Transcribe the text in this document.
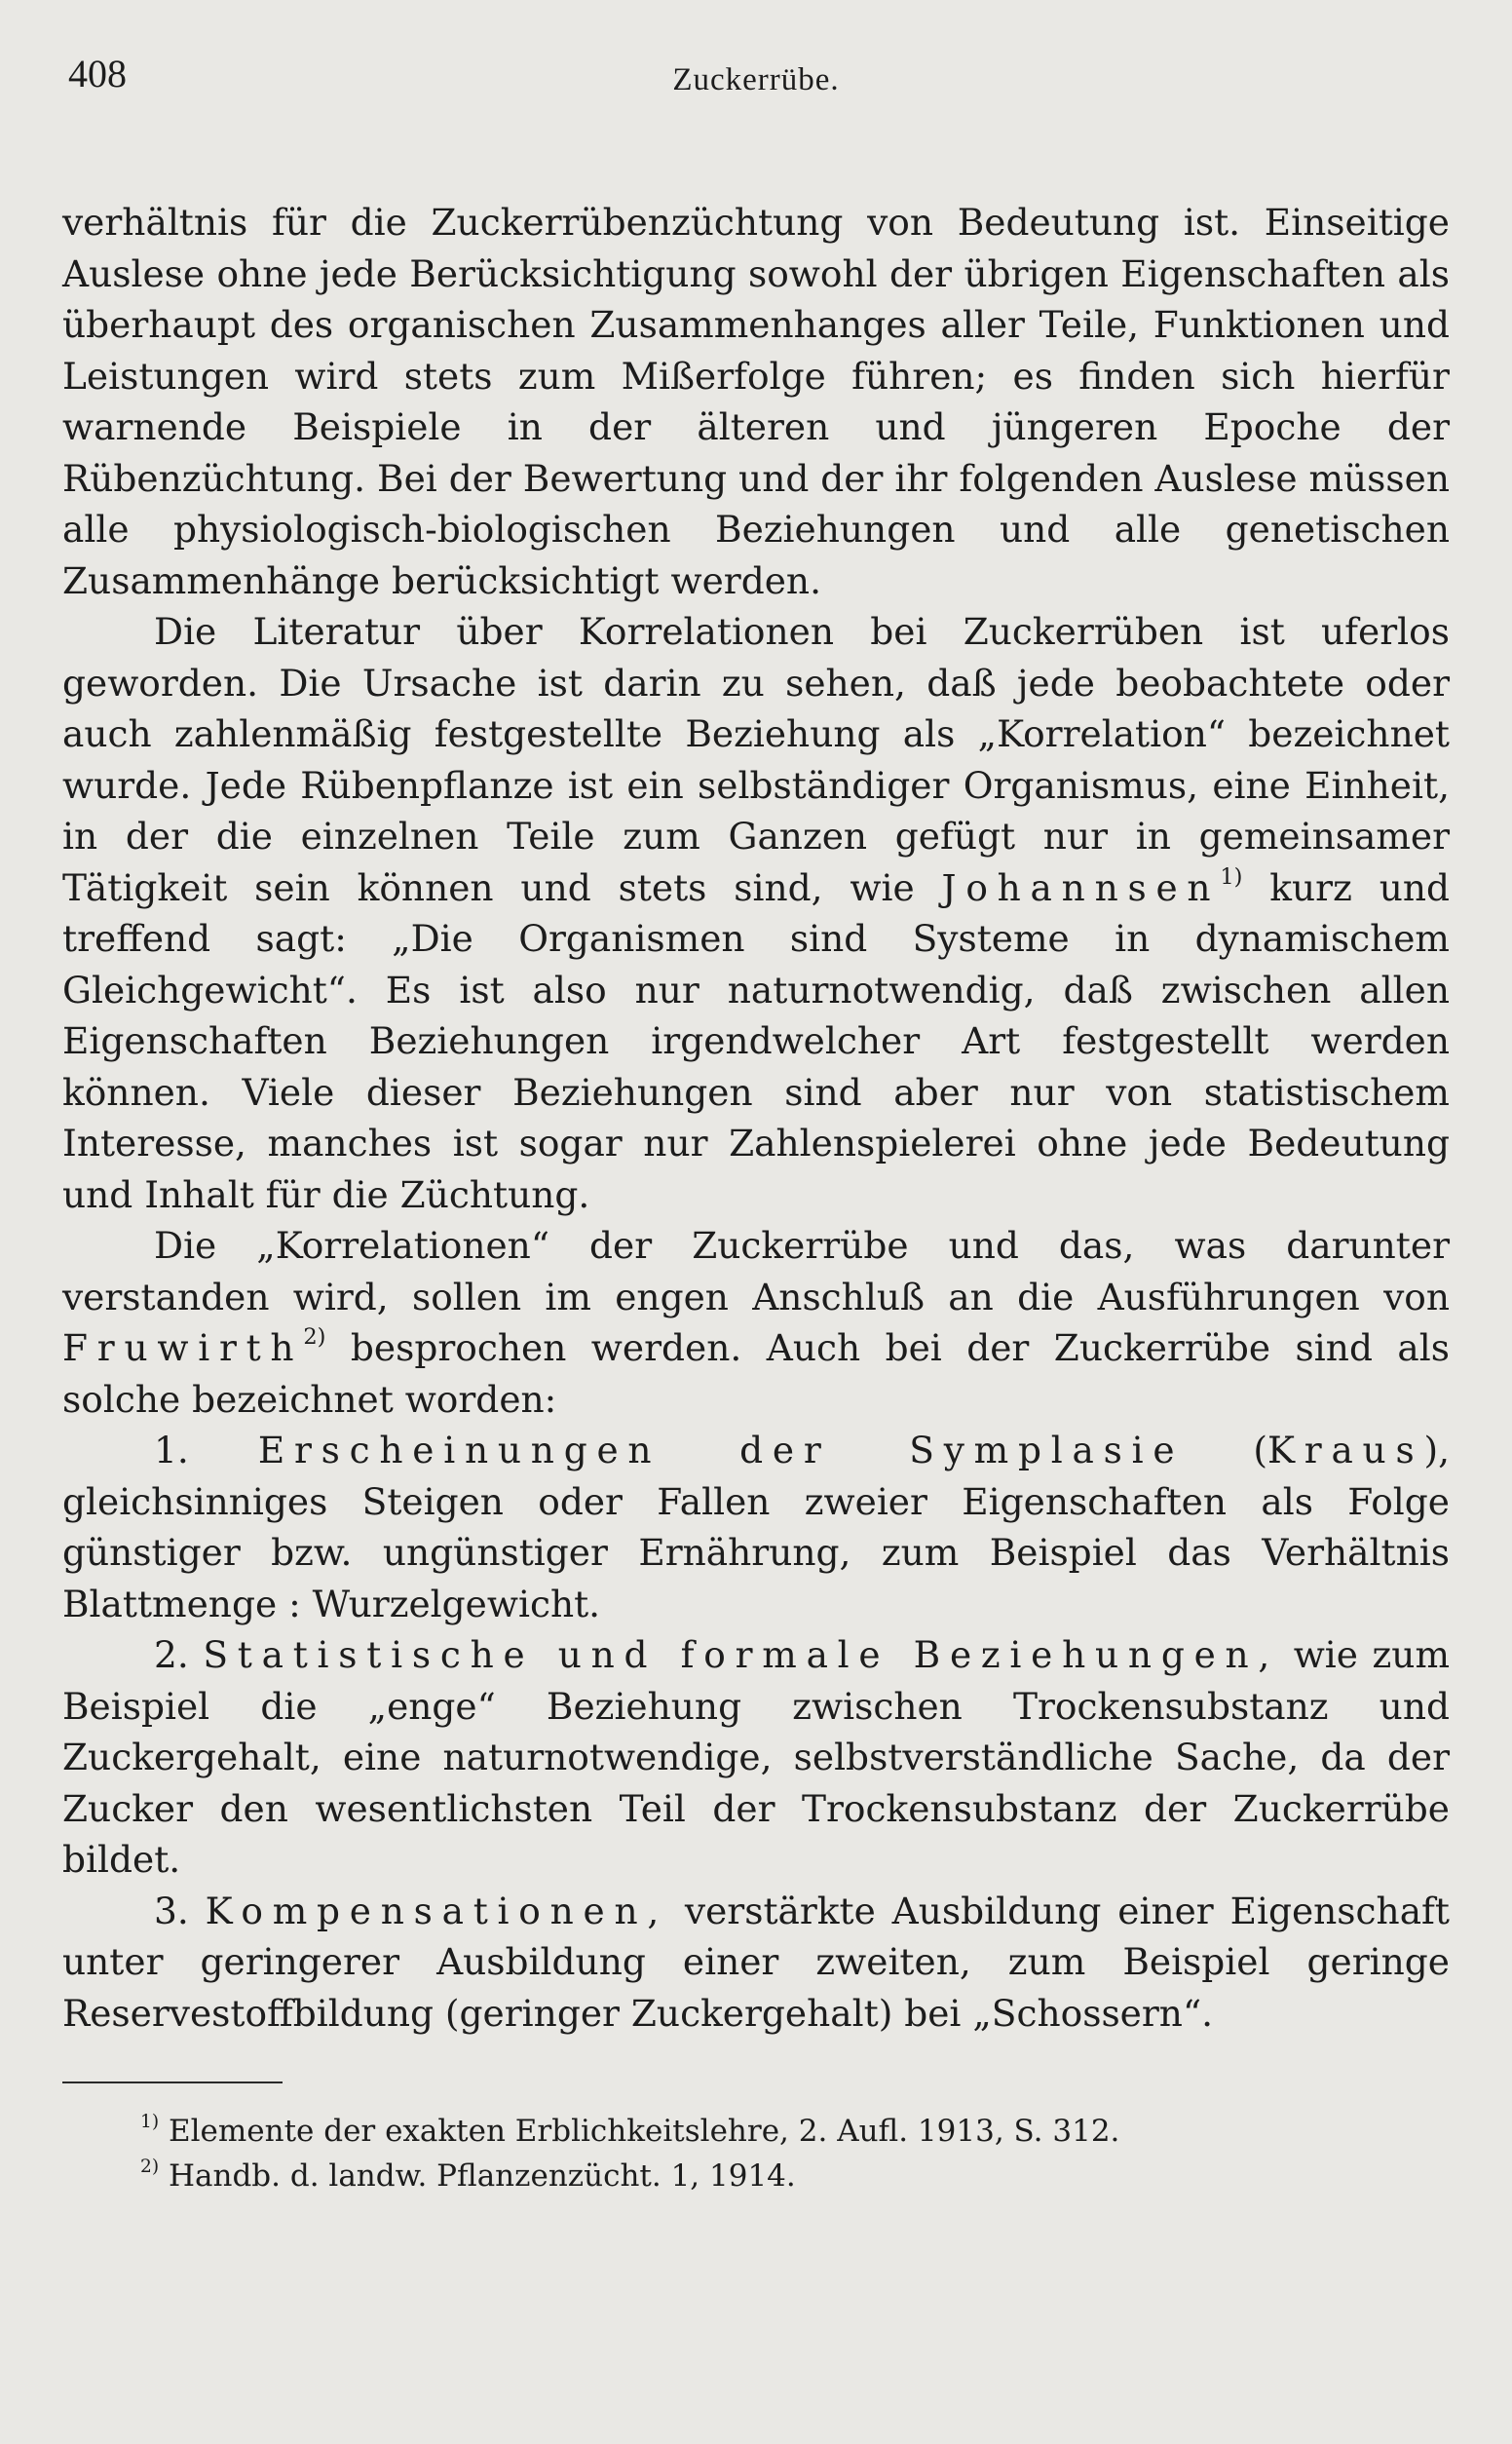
408	Zuckerrübe.

verhältnis für die Zuckerrübenzüchtung von Bedeutung ist. Einseitige Auslese ohne jede Berücksichtigung sowohl der übrigen Eigenschaften als überhaupt des organischen Zusammenhanges aller Teile, Funktionen und Leistungen wird stets zum Mißerfolge führen; es finden sich hierfür warnende Beispiele in der älteren und jüngeren Epoche der Rübenzüchtung. Bei der Bewertung und der ihr folgenden Auslese müssen alle physiologisch-biologischen Beziehungen und alle genetischen Zusammenhänge berücksichtigt werden.

Die Literatur über Korrelationen bei Zuckerrüben ist uferlos geworden. Die Ursache ist darin zu sehen, daß jede beobachtete oder auch zahlenmäßig festgestellte Beziehung als „Korrelation“ bezeichnet wurde. Jede Rübenpflanze ist ein selbständiger Organismus, eine Einheit, in der die einzelnen Teile zum Ganzen gefügt nur in gemeinsamer Tätigkeit sein können und stets sind, wie Johannsen$^{1)}$ kurz und treffend sagt: „Die Organismen sind Systeme in dynamischem Gleichgewicht“. Es ist also nur naturnotwendig, daß zwischen allen Eigenschaften Beziehungen irgendwelcher Art festgestellt werden können. Viele dieser Beziehungen sind aber nur von statistischem Interesse, manches ist sogar nur Zahlenspielerei ohne jede Bedeutung und Inhalt für die Züchtung.

Die „Korrelationen“ der Zuckerrübe und das, was darunter verstanden wird, sollen im engen Anschluß an die Ausführungen von Fruwirth$^{2)}$ besprochen werden. Auch bei der Zuckerrübe sind als solche bezeichnet worden:

1. Erscheinungen der Symplasie (Kraus), gleichsinniges Steigen oder Fallen zweier Eigenschaften als Folge günstiger bzw. ungünstiger Ernährung, zum Beispiel das Verhältnis Blattmenge : Wurzelgewicht.

2. Statistische und formale Beziehungen, wie zum Beispiel die „enge“ Beziehung zwischen Trockensubstanz und Zuckergehalt, eine naturnotwendige, selbstverständliche Sache, da der Zucker den wesentlichsten Teil der Trockensubstanz der Zuckerrübe bildet.

3. Kompensationen, verstärkte Ausbildung einer Eigenschaft unter geringerer Ausbildung einer zweiten, zum Beispiel geringe Reservestoffbildung (geringer Zuckergehalt) bei „Schossern“.

$^{1)}$ Elemente der exakten Erblichkeitslehre, 2. Aufl. 1913, S. 312.

$^{2)}$ Handb. d. landw. Pflanzenzücht. 1, 1914.
